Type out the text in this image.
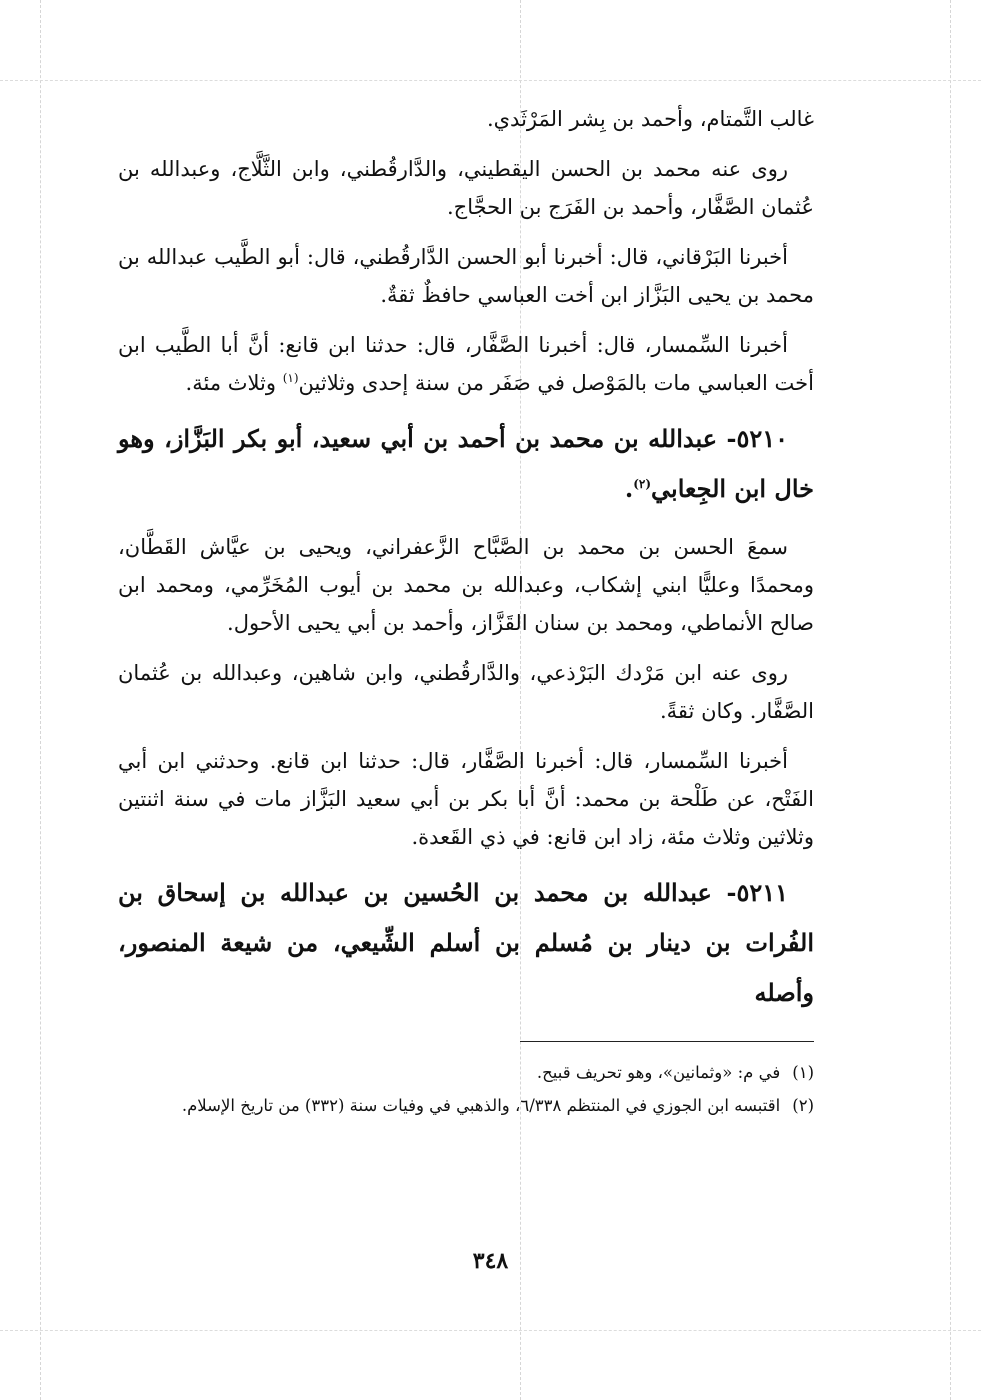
غالب التَّمتام، وأحمد بن بِشر المَرْثَدي.

روى عنه محمد بن الحسن اليقطيني، والدَّارقُطني، وابن الثَّلَّاج، وعبدالله بن عُثمان الصَّفَّار، وأحمد بن الفَرَج بن الحجَّاج.

أخبرنا البَرْقاني، قال: أخبرنا أبو الحسن الدَّارقُطني، قال: أبو الطَّيب عبدالله بن محمد بن يحيى البَزَّاز ابن أخت العباسي حافظٌ ثقةٌ.

أخبرنا السِّمسار، قال: أخبرنا الصَّفَّار، قال: حدثنا ابن قانع: أنَّ أبا الطَّيب ابن أخت العباسي مات بالمَوْصل في صَفَر من سنة إحدى وثلاثين$^{(١)}$ وثلاث مئة.

٥٢١٠- عبدالله بن محمد بن أحمد بن أبي سعيد، أبو بكر البَزَّاز، وهو خال ابن الجِعابي$^{(٢)}$.

سمعَ الحسن بن محمد بن الصَّبَّاح الزَّعفراني، ويحيى بن عيَّاش القَطَّان، ومحمدًا وعليًّا ابني إشكاب، وعبدالله بن محمد بن أيوب المُخَرِّمي، ومحمد ابن صالح الأنماطي، ومحمد بن سنان القَزَّاز، وأحمد بن أبي يحيى الأحول.

روى عنه ابن مَرْدك البَرْذعي، والدَّارقُطني، وابن شاهين، وعبدالله بن عُثمان الصَّفَّار. وكان ثقةً.

أخبرنا السِّمسار، قال: أخبرنا الصَّفَّار، قال: حدثنا ابن قانع. وحدثني ابن أبي الفَتْح، عن طَلْحة بن محمد: أنَّ أبا بكر بن أبي سعيد البَزَّاز مات في سنة اثنتين وثلاثين وثلاث مئة، زاد ابن قانع: في ذي القَعدة.

٥٢١١- عبدالله بن محمد بن الحُسين بن عبدالله بن إسحاق بن الفُرات بن دينار بن مُسلم بن أسلم الشِّيعي، من شيعة المنصور، وأصله

(١)في م: «وثمانين»، وهو تحريف قبيح.

(٢)اقتبسه ابن الجوزي في المنتظم ٦/٣٣٨، والذهبي في وفيات سنة (٣٣٢) من تاريخ الإسلام.

٣٤٨
